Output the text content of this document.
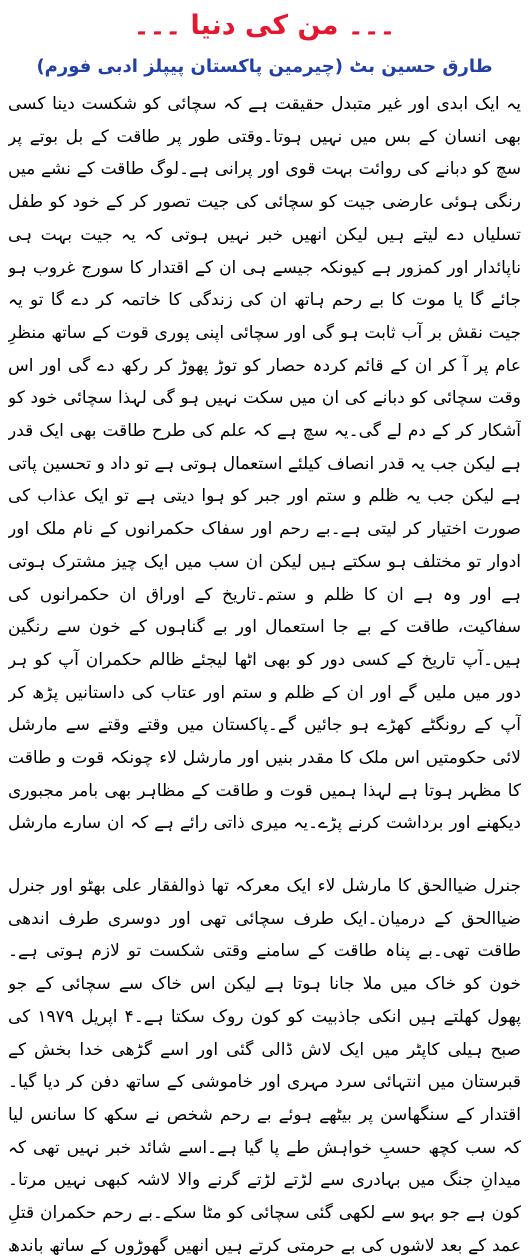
۔۔۔ من کی دنیا ۔۔۔
طارق حسین بٹ (چیرمین پاکستان پیپلز ادبی فورم)

یہ ایک ابدی اور غیر متبدل حقیقت ہے کہ سچائی کو شکست دینا کسی بھی انسان کے بس میں نہیں ہوتا۔وقتی طور پر طاقت کے بل بوتے پر سچ کو دبانے کی روائت بہت قوی اور پرانی ہے۔لوگ طاقت کے نشے میں رنگی ہوئی عارضی جیت کو سچائی کی جیت تصور کر کے خود کو طفل تسلیاں دے لیتے ہیں لیکن انھیں خبر نہیں ہوتی کہ یہ جیت بہت ہی ناپائدار اور کمزور ہے کیونکہ جیسے ہی ان کے اقتدار کا سورج غروب ہو جائے گا یا موت کا بے رحم ہاتھ ان کی زندگی کا خاتمہ کر دے گا تو یہ جیت نقش بر آب ثابت ہو گی اور سچائی اپنی پوری قوت کے ساتھ منظرِ عام پر آ کر ان کے قائم کردہ حصار کو توڑ پھوڑ کر رکھ دے گی اور اس وقت سچائی کو دبانے کی ان میں سکت نہیں ہو گی لہذا سچائی خود کو آشکار کر کے دم لے گی۔یہ سچ ہے کہ علم کی طرح طاقت بھی ایک قدر ہے لیکن جب یہ قدر انصاف کیلئے استعمال ہوتی ہے تو داد و تحسین پاتی ہے لیکن جب یہ ظلم و ستم اور جبر کو ہوا دیتی ہے تو ایک عذاب کی صورت اختیار کر لیتی ہے۔بے رحم اور سفاک حکمرانوں کے نام ملک اور ادوار تو مختلف ہو سکتے ہیں لیکن ان سب میں ایک چیز مشترک ہوتی ہے اور وہ ہے ان کا ظلم و ستم۔تاریخ کے اوراق ان حکمرانوں کی سفاکیت، طاقت کے بے جا استعمال اور بے گناہوں کے خون سے رنگین ہیں۔آپ تاریخ کے کسی دور کو بھی اٹھا لیجئے ظالم حکمران آپ کو ہر دور میں ملیں گے اور ان کے ظلم و ستم اور عتاب کی داستانیں پڑھ کر آپ کے رونگٹے کھڑے ہو جائیں گے۔پاکستان میں وقتے وقتے سے مارشل لائی حکومتیں اس ملک کا مقدر بنیں اور مارشل لاء چونکہ قوت و طاقت کا مظہر ہوتا ہے لہذا ہمیں قوت و طاقت کے مظاہر بھی بامر مجبوری دیکھنے اور برداشت کرنے پڑے۔یہ میری ذاتی رائے ہے کہ ان سارے مارشل

جنرل ضیاالحق کا مارشل لاء ایک معرکہ تھا ذوالفقار علی بھٹو اور جنرل ضیاالحق کے درمیان۔ایک طرف سچائی تھی اور دوسری طرف اندھی طاقت تھی۔بے پناہ طاقت کے سامنے وقتی شکست تو لازم ہوتی ہے۔خون کو خاک میں ملا جانا ہوتا ہے لیکن اس خاک سے سچائی کے جو پھول کھلتے ہیں انکی جاذبیت کو کون روک سکتا ہے۔۴ اپریل ۱۹۷۹ کی صبح ہیلی کاپٹر میں ایک لاش ڈالی گئی اور اسے گڑھی خدا بخش کے قبرستان میں انتہائی سرد مہری اور خاموشی کے ساتھ دفن کر دیا گیا۔اقتدار کے سنگھاسن پر بیٹھے ہوئے بے رحم شخص نے سکھ کا سانس لیا کہ سب کچھ حسبِ خواہش طے پا گیا ہے۔اسے شائد خبر نہیں تھی کہ میدانِ جنگ میں بہادری سے لڑتے لڑتے گرنے والا لاشہ کبھی نہیں مرتا۔کون ہے جو بہو سے لکھی گئی سچائی کو مٹا سکے۔بے رحم حکمران قتلِ عمد کے بعد لاشوں کی بے حرمتی کرتے ہیں انھیں گھوڑوں کے ساتھ باندھ
